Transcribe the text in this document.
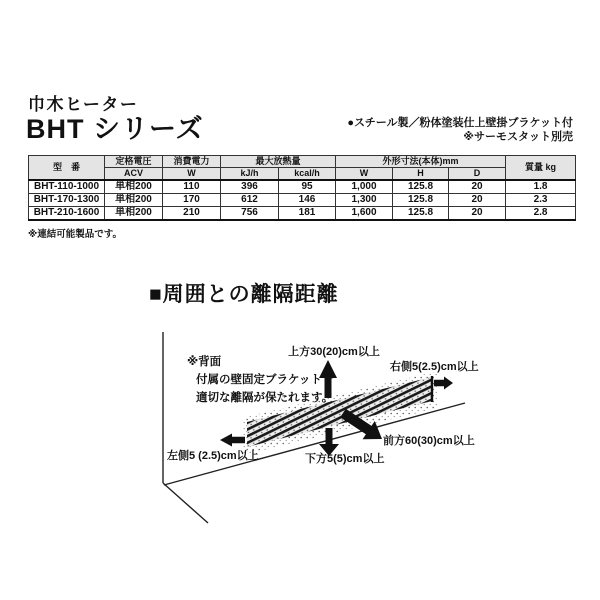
巾木ヒーター
BHT シリーズ	●スチール製／粉体塗装仕上壁掛ブラケット付
※サーモスタット別売
型　番	定格電圧	消費電力	最大放熱量		外形寸法(本体)mm			質量 kg
	ACV	W	kJ/h	kcal/h	W	H	D	
BHT-110-1000	単相200	110	396	95	1,000	125.8	20	1.8
BHT-170-1300	単相200	170	612	146	1,300	125.8	20	2.3
BHT-210-1600	単相200	210	756	181	1,600	125.8	20	2.8
※連結可能製品です。
■周囲との離隔距離
上方30(20)cm以上
右側5(2.5)cm以上
左側5 (2.5)cm以上	下方5(5)cm以上
前方60(30)cm以上
※背面
付属の壁固定ブラケットで
適切な離隔が保たれます。
